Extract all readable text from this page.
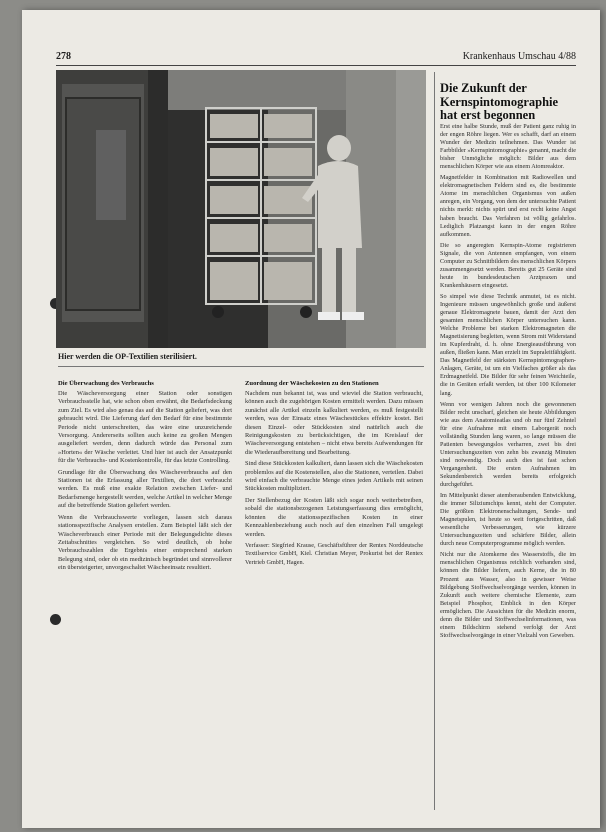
278	Krankenhaus Umschau 4/88
Hier werden die OP-Textilien sterilisiert.
Die Überwachung des Verbrauchs

Die Wäscheversorgung einer Station oder sonstigen Verbrauchsstelle hat, wie schon oben erwähnt, die Bedarfsdeckung zum Ziel. Es wird also genau das auf die Station geliefert, was dort gebraucht wird. Die Lieferung darf den Bedarf für eine bestimmte Periode nicht unterschreiten, das wäre eine unzureichende Versorgung. Andererseits sollten auch keine zu großen Mengen ausgeliefert werden, denn dadurch würde das Personal zum »Horten« der Wäsche verleitet. Und hier ist auch der Ansatzpunkt für die Verbrauchs- und Kostenkontrolle, für das letzte Controlling.

Grundlage für die Überwachung des Wäscheverbrauchs auf den Stationen ist die Erfassung aller Textilien, die dort verbraucht werden. Es muß eine exakte Relation zwischen Liefer- und Bedarfsmenge hergestellt werden, welche Artikel in welcher Menge auf die betreffende Station geliefert werden.

Wenn die Verbrauchswerte vorliegen, lassen sich daraus stationsspezifische Analysen erstellen. Zum Beispiel läßt sich der Wäscheverbrauch einer Periode mit der Belegungsdichte dieses Zeitabschnittes vergleichen. So wird deutlich, ob hohe Verbrauchszahlen die Ergebnis einer entsprechend starken Belegung sind, oder ob ein medizinisch begründet und sinnvollerer ein übersteigerter, unvorgeschaltet Wäscheeinsatz resultiert.

Zuordnung der Wäschekosten zu den Stationen

Nachdem nun bekannt ist, was und wieviel die Station verbraucht, können auch die zugehörigen Kosten ermittelt werden. Dazu müssen zunächst alle Artikel einzeln kalkuliert werden, es muß festgestellt werden, was der Einsatz eines Wäschestückes effektiv kostet. Bei diesen Einzel- oder Stückkosten sind natürlich auch die Reinigungskosten zu berücksichtigen, die im Kreislauf der Wäscheversorgung entstehen – nicht etwa bereits Aufwendungen für die Wiederaufbereitung und Bearbeitung.

Sind diese Stückkosten kalkuliert, dann lassen sich die Wäschekosten problemlos auf die Kostenstellen, also die Stationen, verteilen. Dabei wird einfach die verbrauchte Menge eines jeden Artikels mit seinen Stückkosten multipliziert.

Der Stellenbezug der Kosten läßt sich sogar noch weiterbetreiben, sobald die stationsbezogenen Leistungserfassung dies ermöglicht, könnten die stationsspezifischen Kosten in einer Kennzahlenbeziehung auch noch auf den einzelnen Fall umgelegt werden.

Verfasser: Siegfried Krause, Geschäftsführer der Rentex Norddeutsche Textilservice GmbH, Kiel. Christian Meyer, Prokurist bei der Rentex Vertrieb GmbH, Hagen.

Die Zukunft der Kernspintomographie hat erst begonnen

Erst eine halbe Stunde, muß der Patient ganz ruhig in der engen Röhre liegen. Wer es schafft, darf an einem Wunder der Medizin teilnehmen. Das Wunder ist Farbbilder »Kernspintomographie« genannt, macht die bisher Unmögliche möglich: Bilder aus dem menschlichen Körper wie aus einem Atomreaktor.

Magnetfelder in Kombination mit Radiowellen und elektromagnetischen Feldern sind es, die bestimmte Atome im menschlichen Organismus von außen anregen, ein Vorgang, von dem der untersuchte Patient nichts merkt: nichts spürt und erst recht keine Angst haben braucht. Das Verfahren ist völlig gefahrlos. Lediglich Platzangst kann in der engen Röhre aufkommen.

Die so angeregten Kernspin-Atome registrieren Signale, die von Antennen empfangen, von einem Computer zu Schnittbildern des menschlichen Körpers zusammengesetzt werden. Bereits gut 25 Geräte sind heute in bundesdeutschen Arztpraxen und Krankenhäusern eingesetzt.

So simpel wie diese Technik anmutet, ist es nicht. Ingenieure müssen ungewöhnlich große und äußerst genaue Elektromagnete bauen, damit der Arzt den gesamten menschlichen Körper untersuchen kann. Welche Probleme bei starken Elektromagneten die Magnetisierung begleiten, wenn Strom mit Widerstand im Kupferdraht, d. h. ohne Energieausführung von außen, fließen kann. Man erzielt im Supraleitfähigkeit. Das Magnetfeld der stärksten Kernspintomographen-Anlagen, Geräte, ist um ein Vielfaches größer als das Erdmagnetfeld. Die Bilder für sehr feinen Weichteile, die in Geräten erfaßt werden, ist über 100 Kilometer lang.

Wenn vor wenigen Jahren noch die gewonnenen Bilder recht unscharf, gleichen sie heute Abbildungen wie aus dem Anatomieatlas und ob nur fünf Zehntel für eine Aufnahme mit einem Laborgerät noch vollständig Stunden lang waren, so lange müssen die Patienten bewegungslos verharren, zwei bis drei Untersuchungszeiten von zehn bis zwanzig Minuten sind notwendig. Doch auch dies ist fast schon Vergangenheit. Die ersten Aufnahmen im Sekundenbereich werden bereits erfolgreich durchgeführt.

Im Mittelpunkt dieser atemberaubenden Entwicklung, die immer Siliziumchips kennt, steht der Computer. Die größten Elektronenschaltungen, Sende- und Magnetspulen, ist heute so weit fortgeschritten, daß wesentliche Verbesserungen, wie kürzere Untersuchungszeiten und schärfere Bilder, allein durch neue Computerprogramme möglich werden.

Nicht nur die Atomkerne des Wasserstoffs, die im menschlichen Organismus reichlich vorhanden sind, können die Bilder liefern, auch Kerne, die in 80 Prozent aus Wasser, also in gewisser Weise Bildgebung Stoffwechselvorgänge werden, können in Zukunft auch weitere chemische Elemente, zum Beispiel Phosphor, Einblick in den Körper ermöglichen. Die Aussichten für die Medizin enorm, denn die Bilder und Stoffwechselinformationen, was einem Bildschirm stehend verfolgt der Arzt Stoffwechselvorgänge in einer Vielzahl von Geweben.
